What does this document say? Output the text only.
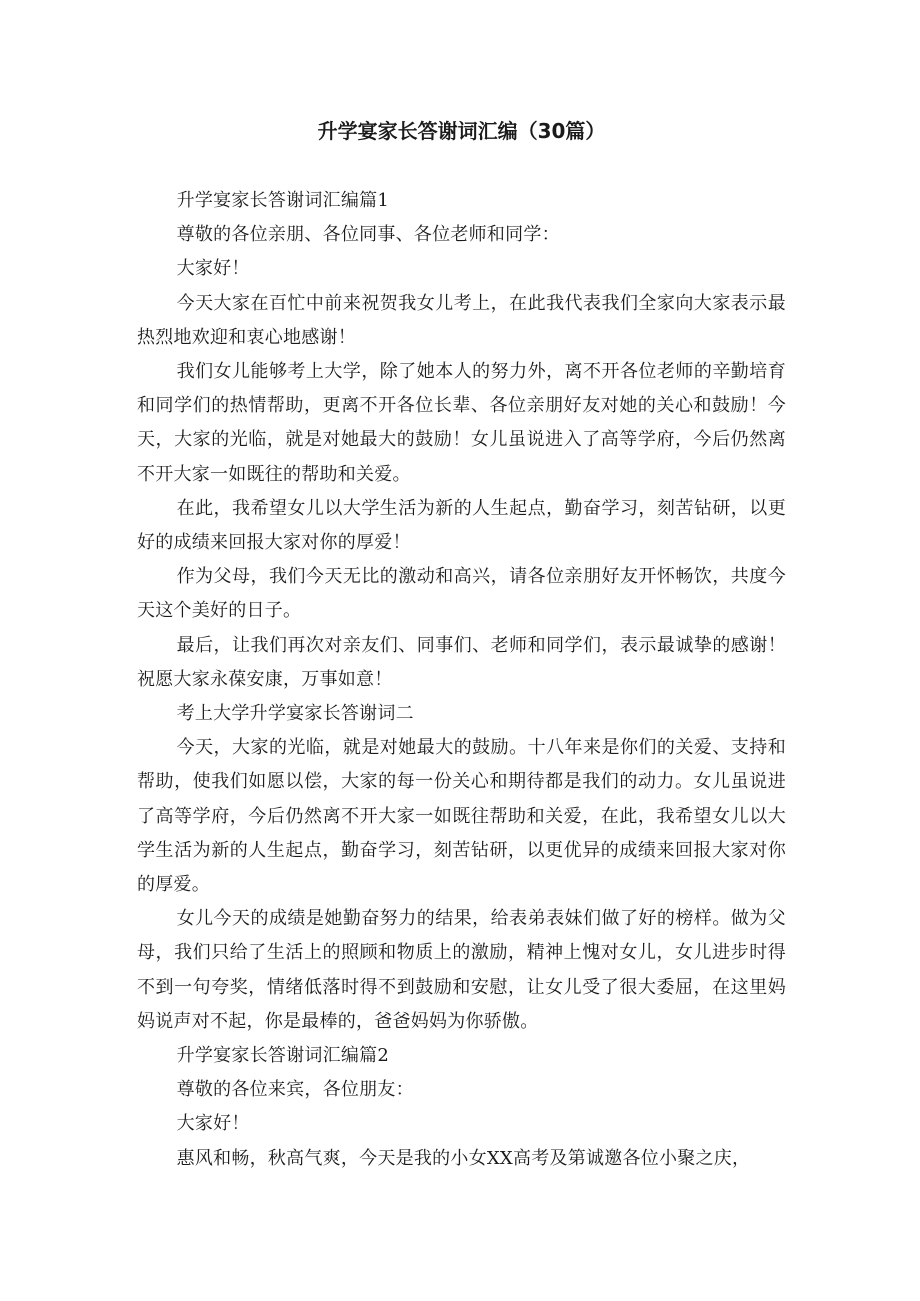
升学宴家长答谢词汇编（30篇）

升学宴家长答谢词汇编篇1

尊敬的各位亲朋、各位同事、各位老师和同学：

大家好！

今天大家在百忙中前来祝贺我女儿考上，在此我代表我们全家向大家表示最热烈地欢迎和衷心地感谢！

我们女儿能够考上大学，除了她本人的努力外，离不开各位老师的辛勤培育和同学们的热情帮助，更离不开各位长辈、各位亲朋好友对她的关心和鼓励！今天，大家的光临，就是对她最大的鼓励！女儿虽说进入了高等学府，今后仍然离不开大家一如既往的帮助和关爱。

在此，我希望女儿以大学生活为新的人生起点，勤奋学习，刻苦钻研，以更好的成绩来回报大家对你的厚爱！

作为父母，我们今天无比的激动和高兴，请各位亲朋好友开怀畅饮，共度今天这个美好的日子。

最后，让我们再次对亲友们、同事们、老师和同学们，表示最诚挚的感谢！祝愿大家永葆安康，万事如意！

考上大学升学宴家长答谢词二

今天，大家的光临，就是对她最大的鼓励。十八年来是你们的关爱、支持和帮助，使我们如愿以偿，大家的每一份关心和期待都是我们的动力。女儿虽说进了高等学府，今后仍然离不开大家一如既往帮助和关爱，在此，我希望女儿以大学生活为新的人生起点，勤奋学习，刻苦钻研，以更优异的成绩来回报大家对你的厚爱。

女儿今天的成绩是她勤奋努力的结果，给表弟表妹们做了好的榜样。做为父母，我们只给了生活上的照顾和物质上的激励，精神上愧对女儿，女儿进步时得不到一句夸奖，情绪低落时得不到鼓励和安慰，让女儿受了很大委屈，在这里妈妈说声对不起，你是最棒的，爸爸妈妈为你骄傲。

升学宴家长答谢词汇编篇2

尊敬的各位来宾，各位朋友：

大家好！

惠风和畅，秋高气爽，今天是我的小女XX高考及第诚邀各位小聚之庆，
